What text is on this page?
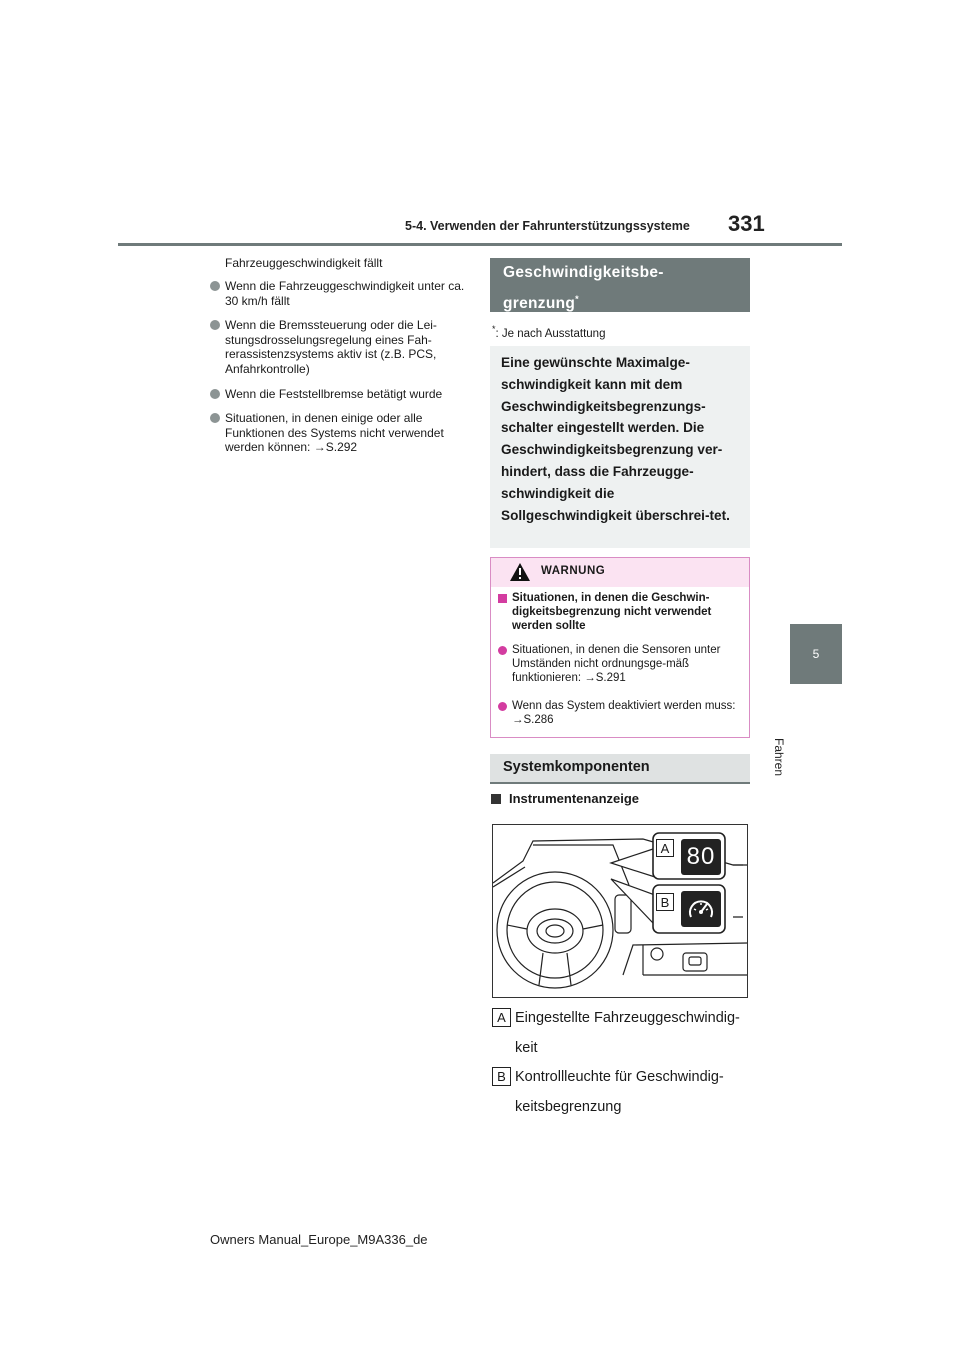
5-4. Verwenden der Fahrunterstützungssysteme 331
5
Fahren
Fahrzeuggeschwindigkeit fällt
Wenn die Fahrzeuggeschwindigkeit unter ca. 30 km/h fällt
Wenn die Bremssteuerung oder die Lei-stungsdrosselungsregelung eines Fah-rerassistenzsystems aktiv ist (z.B. PCS, Anfahrkontrolle)
Wenn die Feststellbremse betätigt wurde
Situationen, in denen einige oder alle Funktionen des Systems nicht verwendet werden können: →S.292
Geschwindigkeitsbe-
grenzung*
*: Je nach Ausstattung
Eine gewünschte Maximalge-schwindigkeit kann mit dem Geschwindigkeitsbegrenzungs-schalter eingestellt werden. Die Geschwindigkeitsbegrenzung ver-hindert, dass die Fahrzeugge-schwindigkeit die Sollgeschwindigkeit überschrei-tet.
WARNUNG
Situationen, in denen die Geschwin-digkeitsbegrenzung nicht verwendet werden sollte
Situationen, in denen die Sensoren unter Umständen nicht ordnungsge-mäß funktionieren: →S.291
Wenn das System deaktiviert werden muss: →S.286
Systemkomponenten
Instrumentenanzeige
A
B
80
A Eingestellte Fahrzeuggeschwindig-
keit
B Kontrollleuchte für Geschwindig-
keitsbegrenzung
Owners Manual_Europe_M9A336_de
